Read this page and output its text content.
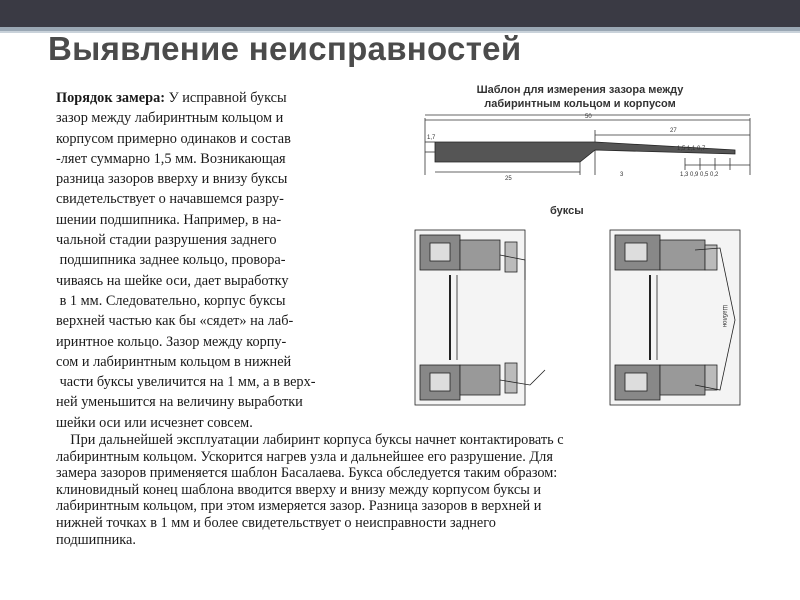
Выявление неисправностей
Порядок замера: У исправной буксы
зазор между лабиринтным кольцом и
корпусом примерно одинаков и состав
-ляет суммарно 1,5 мм. Возникающая
разница зазоров вверху и внизу буксы
свидетельствует о начавшемся разру-
шении подшипника. Например, в на-
чальной стадии разрушения заднего
подшипника заднее кольцо, провора-
чиваясь на шейке оси, дает выработку
в 1 мм. Следовательно, корпус буксы
верхней частью как бы «сядет» на лаб-
иринтное кольцо. Зазор между корпу-
сом и лабиринтным кольцом в нижней
части буксы увеличится на 1 мм, а в верх-
ней уменьшится на величину выработки
шейки оси или исчезнет совсем.
Шаблон для измерения зазора между
лабиринтным кольцом и корпусом
буксы
1,7
50
27
25
3
1,5 1,1 0,7
1,3 0,9 0,5 0,2
Шаблон
При дальнейшей эксплуатации лабиринт корпуса буксы начнет контактировать с
лабиринтным кольцом. Ускорится нагрев узла и дальнейшее его разрушение. Для
замера зазоров применяется шаблон Басалаева. Букса обследуется таким образом:
клиновидный конец шаблона вводится вверху и внизу между корпусом буксы и
лабиринтным кольцом, при этом измеряется зазор. Разница зазоров в верхней и
нижней точках в 1 мм и более свидетельствует о неисправности заднего
подшипника.
